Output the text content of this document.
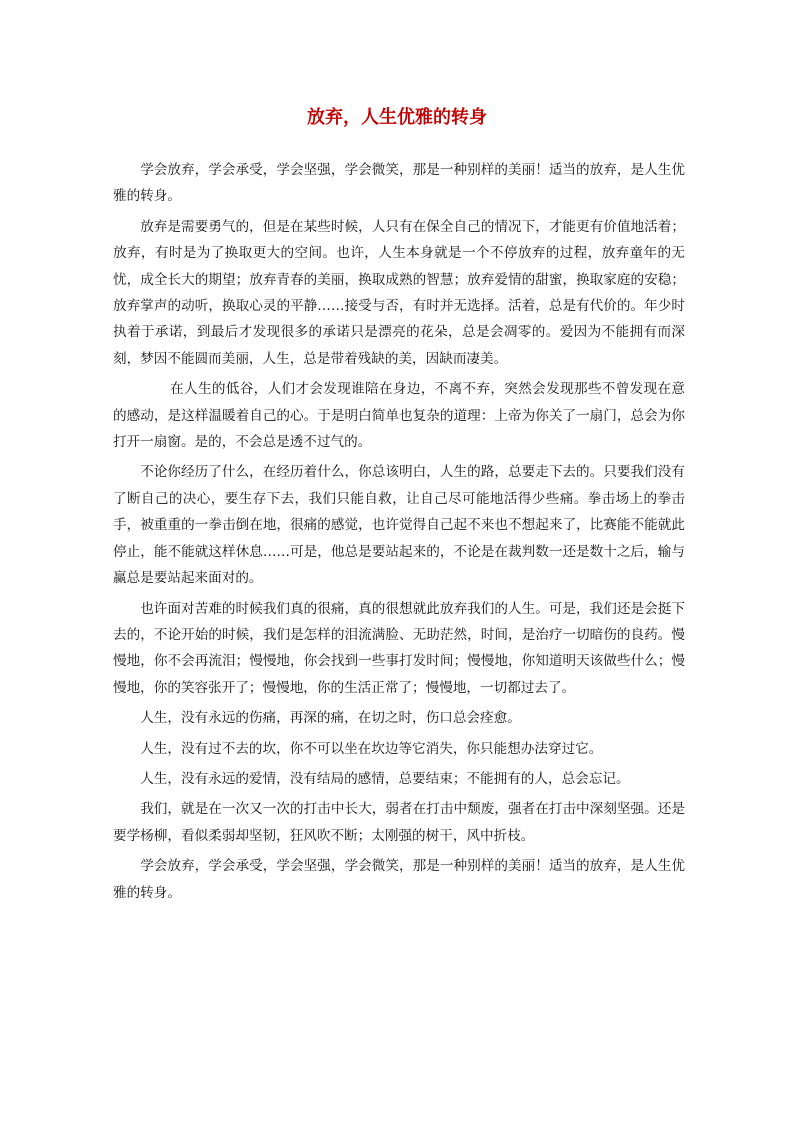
放弃，人生优雅的转身

学会放弃，学会承受，学会坚强，学会微笑，那是一种别样的美丽！适当的放弃，是人生优雅的转身。

放弃是需要勇气的，但是在某些时候，人只有在保全自己的情况下，才能更有价值地活着；放弃，有时是为了换取更大的空间。也许，人生本身就是一个不停放弃的过程，放弃童年的无忧，成全长大的期望；放弃青春的美丽，换取成熟的智慧；放弃爱情的甜蜜，换取家庭的安稳；放弃掌声的动听，换取心灵的平静……接受与否，有时并无选择。活着，总是有代价的。年少时执着于承诺，到最后才发现很多的承诺只是漂亮的花朵，总是会凋零的。爱因为不能拥有而深刻，梦因不能圆而美丽，人生，总是带着残缺的美，因缺而凄美。

在人生的低谷，人们才会发现谁陪在身边，不离不弃，突然会发现那些不曾发现在意的感动，是这样温暖着自己的心。于是明白简单也复杂的道理：上帝为你关了一扇门，总会为你打开一扇窗。是的，不会总是透不过气的。

不论你经历了什么，在经历着什么，你总该明白，人生的路，总要走下去的。只要我们没有了断自己的决心，要生存下去，我们只能自救，让自己尽可能地活得少些痛。拳击场上的拳击手，被重重的一拳击倒在地，很痛的感觉，也许觉得自己起不来也不想起来了，比赛能不能就此停止，能不能就这样休息……可是，他总是要站起来的，不论是在裁判数一还是数十之后，输与赢总是要站起来面对的。

也许面对苦难的时候我们真的很痛，真的很想就此放弃我们的人生。可是，我们还是会挺下去的，不论开始的时候，我们是怎样的泪流满脸、无助茫然，时间，是治疗一切暗伤的良药。慢慢地，你不会再流泪；慢慢地，你会找到一些事打发时间；慢慢地，你知道明天该做些什么；慢慢地，你的笑容张开了；慢慢地，你的生活正常了；慢慢地，一切都过去了。

人生，没有永远的伤痛，再深的痛，在切之时，伤口总会痊愈。

人生，没有过不去的坎，你不可以坐在坎边等它消失，你只能想办法穿过它。

人生，没有永远的爱情，没有结局的感情，总要结束；不能拥有的人，总会忘记。

我们，就是在一次又一次的打击中长大，弱者在打击中颓废，强者在打击中深刻坚强。还是要学杨柳，看似柔弱却坚韧，狂风吹不断；太刚强的树干，风中折枝。

学会放弃，学会承受，学会坚强，学会微笑，那是一种别样的美丽！适当的放弃，是人生优雅的转身。
